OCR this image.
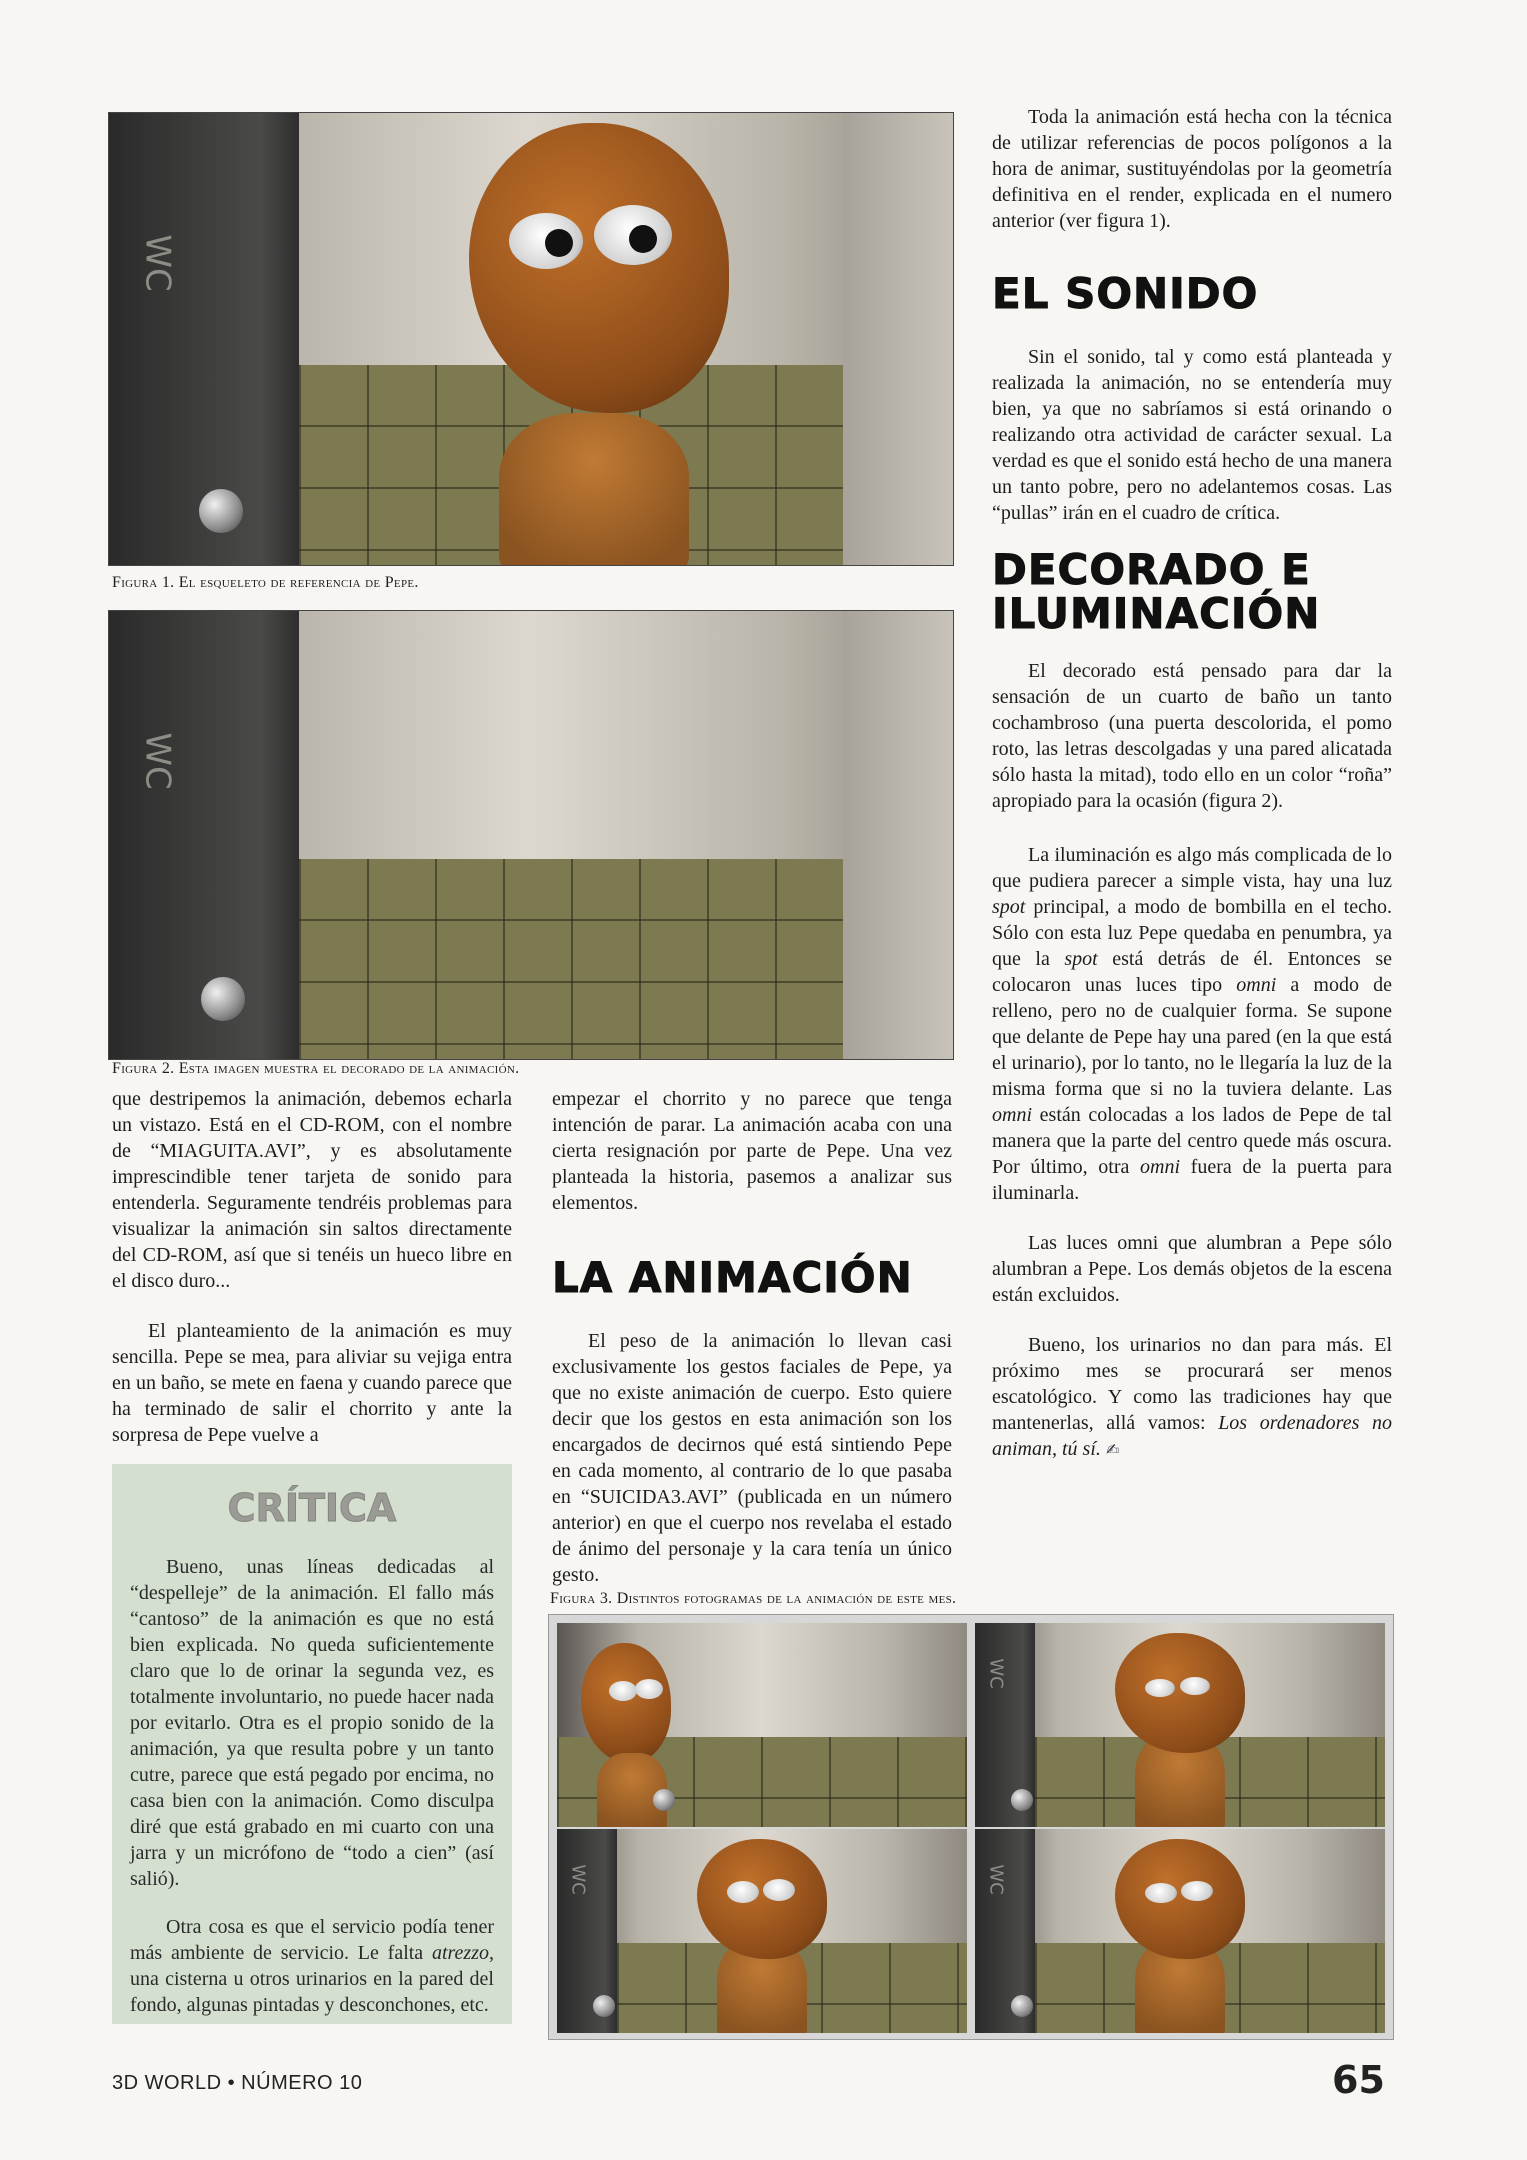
WC
Figura 1. El esqueleto de referencia de Pepe.
WC
Figura 2. Esta imagen muestra el decorado de la animación.

que destripemos la animación, debemos echarla un vistazo. Está en el CD-ROM, con el nombre de “MIAGUITA.AVI”, y es absolutamente imprescindible tener tarjeta de sonido para entenderla. Seguramente tendréis problemas para visualizar la animación sin saltos directamente del CD-ROM, así que si tenéis un hueco libre en el disco duro...

El planteamiento de la animación es muy sencilla. Pepe se mea, para aliviar su vejiga entra en un baño, se mete en faena y cuando parece que ha terminado de salir el chorrito y ante la sorpresa de Pepe vuelve a

CRÍTICA

Bueno, unas líneas dedicadas al “despelleje” de la animación. El fallo más “cantoso” de la animación es que no está bien explicada. No queda suficientemente claro que lo de orinar la segunda vez, es totalmente involuntario, no puede hacer nada por evitarlo. Otra es el propio sonido de la animación, ya que resulta pobre y un tanto cutre, parece que está pegado por encima, no casa bien con la animación. Como disculpa diré que está grabado en mi cuarto con una jarra y un micrófono de “todo a cien” (así salió).

Otra cosa es que el servicio podía tener más ambiente de servicio. Le falta atrezzo, una cisterna u otros urinarios en la pared del fondo, algunas pintadas y desconchones, etc.

empezar el chorrito y no parece que tenga intención de parar. La animación acaba con una cierta resignación por parte de Pepe. Una vez planteada la historia, pasemos a analizar sus elementos.

LA ANIMACIÓN

El peso de la animación lo llevan casi exclusivamente los gestos faciales de Pepe, ya que no existe animación de cuerpo. Esto quiere decir que los gestos en esta animación son los encargados de decirnos qué está sintiendo Pepe en cada momento, al contrario de lo que pasaba en “SUICIDA3.AVI” (publicada en un número anterior) en que el cuerpo nos revelaba el estado de ánimo del personaje y la cara tenía un único gesto.

Figura 3. Distintos fotogramas de la animación de este mes.
WC
WC	WC

Toda la animación está hecha con la técnica de utilizar referencias de pocos polígonos a la hora de animar, sustituyéndolas por la geometría definitiva en el render, explicada en el numero anterior (ver figura 1).

EL SONIDO

Sin el sonido, tal y como está planteada y realizada la animación, no se entendería muy bien, ya que no sabríamos si está orinando o realizando otra actividad de carácter sexual. La verdad es que el sonido está hecho de una manera un tanto pobre, pero no adelantemos cosas. Las “pullas” irán en el cuadro de crítica.

DECORADO E
ILUMINACIÓN

El decorado está pensado para dar la sensación de un cuarto de baño un tanto cochambroso (una puerta descolorida, el pomo roto, las letras descolgadas y una pared alicatada sólo hasta la mitad), todo ello en un color “roña” apropiado para la ocasión (figura 2).

La iluminación es algo más complicada de lo que pudiera parecer a simple vista, hay una luz spot principal, a modo de bombilla en el techo. Sólo con esta luz Pepe quedaba en penumbra, ya que la spot está detrás de él. Entonces se colocaron unas luces tipo omni a modo de relleno, pero no de cualquier forma. Se supone que delante de Pepe hay una pared (en la que está el urinario), por lo tanto, no le llegaría la luz de la misma forma que si no la tuviera delante. Las omni están colocadas a los lados de Pepe de tal manera que la parte del centro quede más oscura. Por último, otra omni fuera de la puerta para iluminarla.

Las luces omni que alumbran a Pepe sólo alumbran a Pepe. Los demás objetos de la escena están excluidos.

Bueno, los urinarios no dan para más. El próximo mes se procurará ser menos escatológico. Y como las tradiciones hay que mantenerlas, allá vamos: Los ordenadores no animan, tú sí. ✍

3D WORLD • NÚMERO 10	65
